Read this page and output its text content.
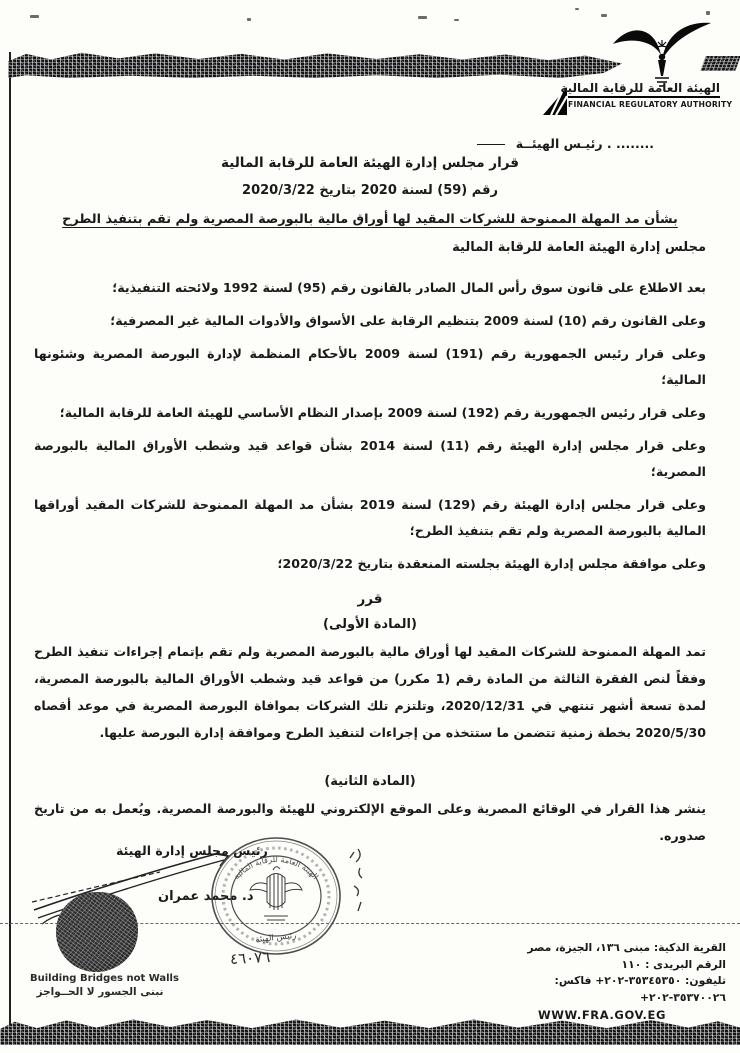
الهيئة العامة للرقابة المالية
FINANCIAL REGULATORY AUTHORITY
رئيـس الهيئــة . ........
قرار مجلس إدارة الهيئة العامة للرقابة المالية
رقم (59) لسنة 2020 بتاريخ 2020/3/22
بشأن مد المهلة الممنوحة للشركات المقيد لها أوراق مالية بالبورصة المصرية ولم تقم بتنفيذ الطرح
مجلس إدارة الهيئة العامة للرقابة المالية

بعد الاطلاع على قانون سوق رأس المال الصادر بالقانون رقم (95) لسنة 1992 ولائحته التنفيذية؛

وعلى القانون رقم (10) لسنة 2009 بتنظيم الرقابة على الأسواق والأدوات المالية غير المصرفية؛

وعلى قرار رئيس الجمهورية رقم (191) لسنة 2009 بالأحكام المنظمة لإدارة البورصة المصرية وشئونها المالية؛

وعلى قرار رئيس الجمهورية رقم (192) لسنة 2009 بإصدار النظام الأساسي للهيئة العامة للرقابة المالية؛

وعلى قرار مجلس إدارة الهيئة رقم (11) لسنة 2014 بشأن قواعد قيد وشطب الأوراق المالية بالبورصة المصرية؛

وعلى قرار مجلس إدارة الهيئة رقم (129) لسنة 2019 بشأن مد المهلة الممنوحة للشركات المقيد أوراقها المالية بالبورصة المصرية ولم تقم بتنفيذ الطرح؛

وعلى موافقة مجلس إدارة الهيئة بجلسته المنعقدة بتاريخ 2020/3/22؛

قرر
(المادة الأولى)
تمد المهلة الممنوحة للشركات المقيد لها أوراق مالية بالبورصة المصرية ولم تقم بإتمام إجراءات تنفيذ الطرح وفقاً لنص الفقرة الثالثة من المادة رقم (1 مكرر) من قواعد قيد وشطب الأوراق المالية بالبورصة المصرية، لمدة تسعة أشهر تنتهي في 2020/12/31، وتلتزم تلك الشركات بموافاة البورصة المصرية في موعد أقصاه 2020/5/30 بخطة زمنية تتضمن ما ستتخذه من إجراءات لتنفيذ الطرح وموافقة إدارة البورصة عليها.
(المادة الثانية)
ينشر هذا القرار في الوقائع المصرية وعلى الموقع الإلكتروني للهيئة والبورصة المصرية. ويُعمل به من تاريخ صدوره.
رئيس مجلس إدارة الهيئة
د. محمد عمران
Building Bridges not Walls
نبنى الجسور لا الحــواجز
الهيئة العامة للرقابة المالية
رئيس الهيئة
٤٦٠٧٦
القرية الذكية: مبنى ١٣٦، الجيزة، مصر
الرقم البريدى : ١١٠
تليفون: ٣٥٣٤٥٣٥٠-٢٠٢+ فاكس: ٣٥٣٧٠٠٢٦-٢٠٢+
WWW.FRA.GOV.EG
